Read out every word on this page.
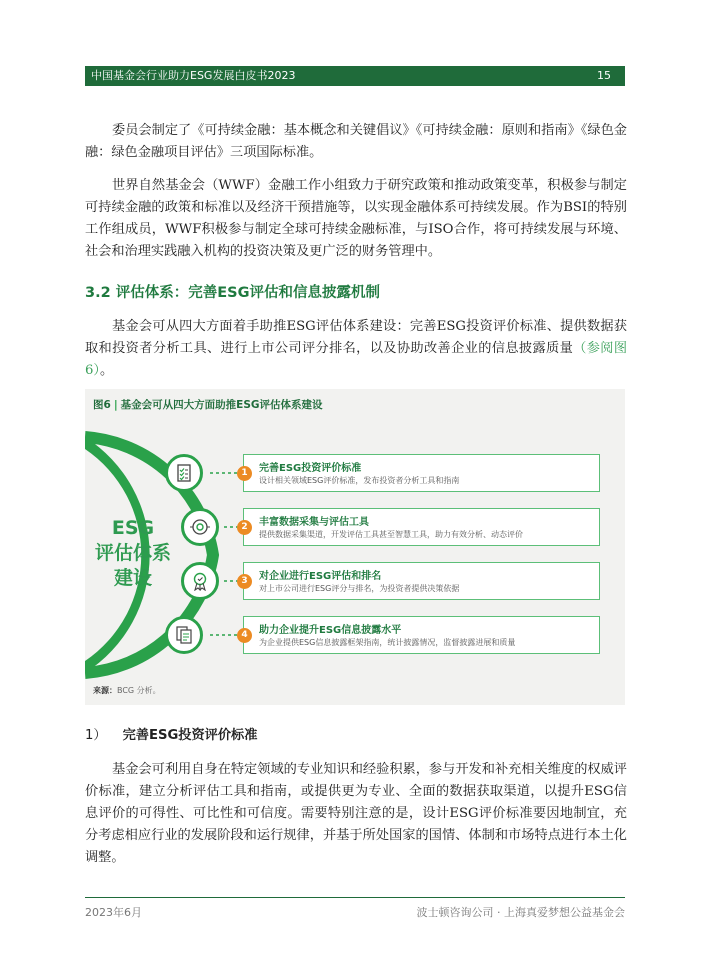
中国基金会行业助力ESG发展白皮书2023	15

委员会制定了《可持续金融：基本概念和关键倡议》《可持续金融：原则和指南》《绿色金融：绿色金融项目评估》三项国际标准。

世界自然基金会（WWF）金融工作小组致力于研究政策和推动政策变革，积极参与制定可持续金融的政策和标准以及经济干预措施等，以实现金融体系可持续发展。作为BSI的特别工作组成员，WWF积极参与制定全球可持续金融标准，与ISO合作，将可持续发展与环境、社会和治理实践融入机构的投资决策及更广泛的财务管理中。

3.2 评估体系：完善ESG评估和信息披露机制

基金会可从四大方面着手助推ESG评估体系建设：完善ESG投资评价标准、提供数据获取和投资者分析工具、进行上市公司评分排名，以及协助改善企业的信息披露质量（参阅图6）。

图6 | 基金会可从四大方面助推ESG评估体系建设
ESG
评估体系
建设
1	完善ESG投资评价标准
设计相关领域ESG评价标准，发布投资者分析工具和指南
2	丰富数据采集与评估工具
提供数据采集渠道，开发评估工具甚至智慧工具，助力有效分析、动态评价
3	对企业进行ESG评估和排名
对上市公司进行ESG评分与排名，为投资者提供决策依据
4	助力企业提升ESG信息披露水平
为企业提供ESG信息披露框架指南，统计披露情况，监督披露进展和质量
来源：BCG 分析。
1） 完善ESG投资评价标准

基金会可利用自身在特定领域的专业知识和经验积累，参与开发和补充相关维度的权威评价标准，建立分析评估工具和指南，或提供更为专业、全面的数据获取渠道，以提升ESG信息评价的可得性、可比性和可信度。需要特别注意的是，设计ESG评价标准要因地制宜，充分考虑相应行业的发展阶段和运行规律，并基于所处国家的国情、体制和市场特点进行本土化调整。

2023年6月	波士顿咨询公司 · 上海真爱梦想公益基金会
